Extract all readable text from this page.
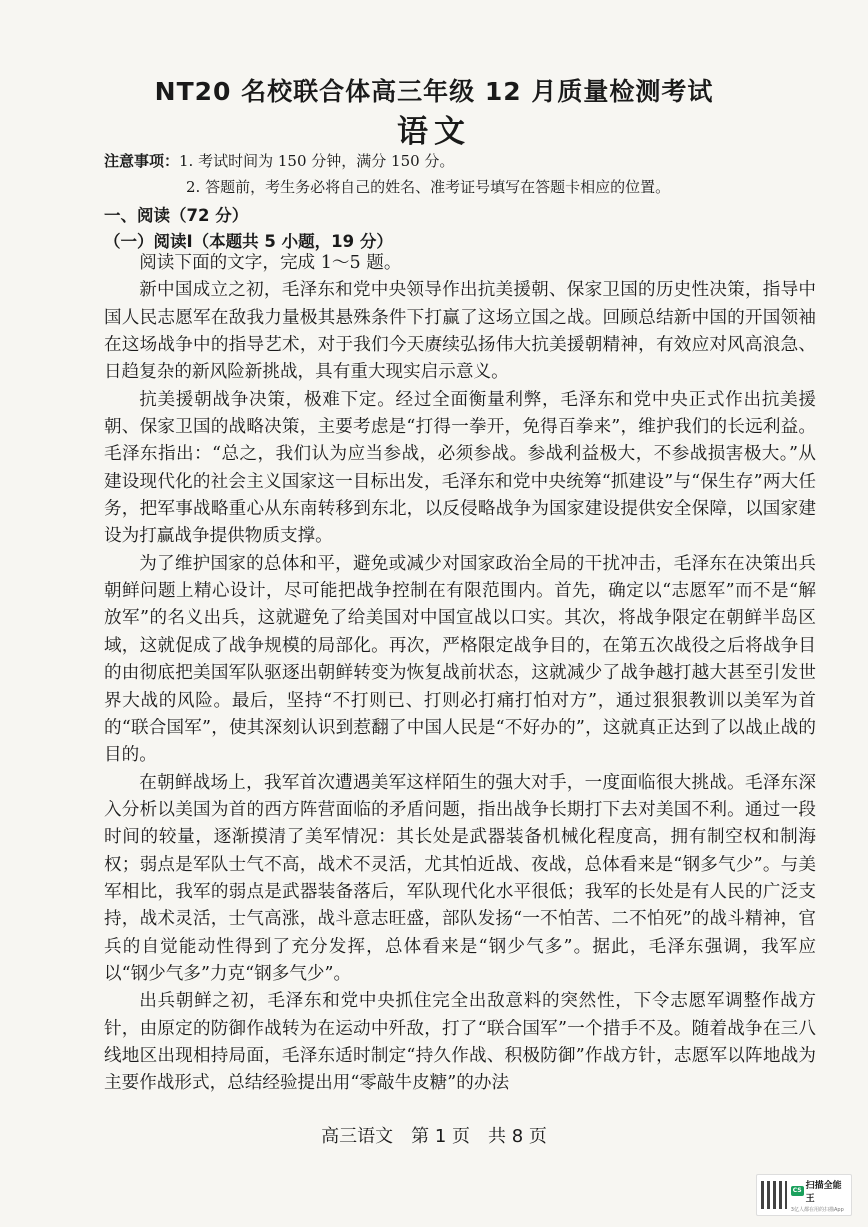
NT20 名校联合体高三年级 12 月质量检测考试
语文
注意事项：1. 考试时间为 150 分钟，满分 150 分。
2. 答题前，考生务必将自己的姓名、准考证号填写在答题卡相应的位置。
一、阅读（72 分）
（一）阅读Ⅰ（本题共 5 小题，19 分）

阅读下面的文字，完成 1～5 题。

新中国成立之初，毛泽东和党中央领导作出抗美援朝、保家卫国的历史性决策，指导中国人民志愿军在敌我力量极其悬殊条件下打赢了这场立国之战。回顾总结新中国的开国领袖在这场战争中的指导艺术，对于我们今天赓续弘扬伟大抗美援朝精神，有效应对风高浪急、日趋复杂的新风险新挑战，具有重大现实启示意义。

抗美援朝战争决策，极难下定。经过全面衡量利弊，毛泽东和党中央正式作出抗美援朝、保家卫国的战略决策，主要考虑是“打得一拳开，免得百拳来”，维护我们的长远利益。毛泽东指出：“总之，我们认为应当参战，必须参战。参战利益极大，不参战损害极大。”从建设现代化的社会主义国家这一目标出发，毛泽东和党中央统筹“抓建设”与“保生存”两大任务，把军事战略重心从东南转移到东北，以反侵略战争为国家建设提供安全保障，以国家建设为打赢战争提供物质支撑。

为了维护国家的总体和平，避免或减少对国家政治全局的干扰冲击，毛泽东在决策出兵朝鲜问题上精心设计，尽可能把战争控制在有限范围内。首先，确定以“志愿军”而不是“解放军”的名义出兵，这就避免了给美国对中国宣战以口实。其次，将战争限定在朝鲜半岛区域，这就促成了战争规模的局部化。再次，严格限定战争目的，在第五次战役之后将战争目的由彻底把美国军队驱逐出朝鲜转变为恢复战前状态，这就减少了战争越打越大甚至引发世界大战的风险。最后，坚持“不打则已、打则必打痛打怕对方”，通过狠狠教训以美军为首的“联合国军”，使其深刻认识到惹翻了中国人民是“不好办的”，这就真正达到了以战止战的目的。

在朝鲜战场上，我军首次遭遇美军这样陌生的强大对手，一度面临很大挑战。毛泽东深入分析以美国为首的西方阵营面临的矛盾问题，指出战争长期打下去对美国不利。通过一段时间的较量，逐渐摸清了美军情况：其长处是武器装备机械化程度高，拥有制空权和制海权；弱点是军队士气不高，战术不灵活，尤其怕近战、夜战，总体看来是“钢多气少”。与美军相比，我军的弱点是武器装备落后，军队现代化水平很低；我军的长处是有人民的广泛支持，战术灵活，士气高涨，战斗意志旺盛，部队发扬“一不怕苦、二不怕死”的战斗精神，官兵的自觉能动性得到了充分发挥，总体看来是“钢少气多”。据此，毛泽东强调，我军应以“钢少气多”力克“钢多气少”。

出兵朝鲜之初，毛泽东和党中央抓住完全出敌意料的突然性，下令志愿军调整作战方针，由原定的防御作战转为在运动中歼敌，打了“联合国军”一个措手不及。随着战争在三八线地区出现相持局面，毛泽东适时制定“持久作战、积极防御”作战方针，志愿军以阵地战为主要作战形式，总结经验提出用“零敲牛皮糖”的办法

高三语文　第 1 页　共 8 页
CS 扫描全能王
3亿人都在用的扫描App
